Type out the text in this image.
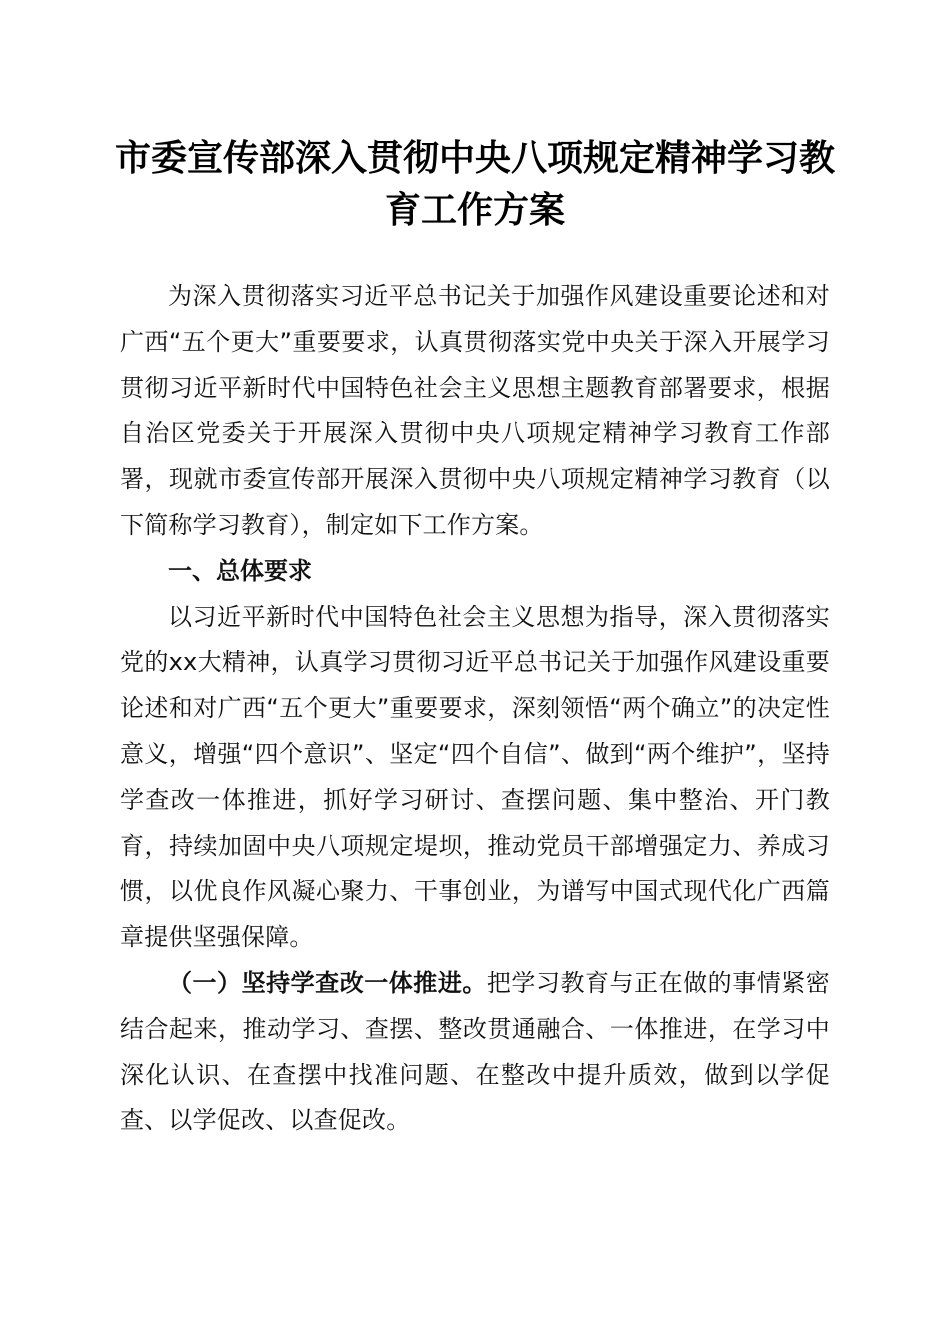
市委宣传部深入贯彻中央八项规定精神学习教育工作方案

为深入贯彻落实习近平总书记关于加强作风建设重要论述和对广西“五个更大”重要要求，认真贯彻落实党中央关于深入开展学习贯彻习近平新时代中国特色社会主义思想主题教育部署要求，根据自治区党委关于开展深入贯彻中央八项规定精神学习教育工作部署，现就市委宣传部开展深入贯彻中央八项规定精神学习教育（以下简称学习教育），制定如下工作方案。

一、总体要求

以习近平新时代中国特色社会主义思想为指导，深入贯彻落实党的xx大精神，认真学习贯彻习近平总书记关于加强作风建设重要论述和对广西“五个更大”重要要求，深刻领悟“两个确立”的决定性意义，增强“四个意识”、坚定“四个自信”、做到“两个维护”，坚持学查改一体推进，抓好学习研讨、查摆问题、集中整治、开门教育，持续加固中央八项规定堤坝，推动党员干部增强定力、养成习惯，以优良作风凝心聚力、干事创业，为谱写中国式现代化广西篇章提供坚强保障。

（一）坚持学查改一体推进。把学习教育与正在做的事情紧密结合起来，推动学习、查摆、整改贯通融合、一体推进，在学习中深化认识、在查摆中找准问题、在整改中提升质效，做到以学促查、以学促改、以查促改。
